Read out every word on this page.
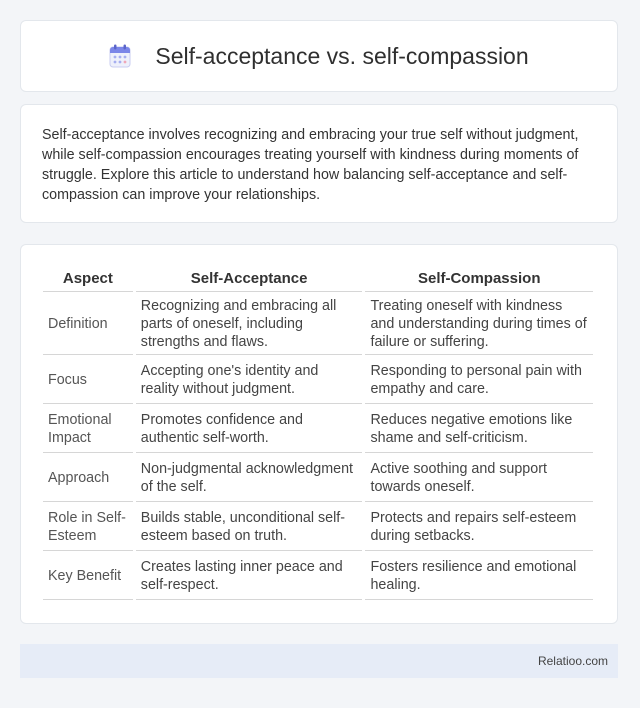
Self-acceptance vs. self-compassion

Self-acceptance involves recognizing and embracing your true self without judgment, while self-compassion encourages treating yourself with kindness during moments of struggle. Explore this article to understand how balancing self-acceptance and self-compassion can improve your relationships.

Aspect	Self-Acceptance	Self-Compassion
Definition	Recognizing and embracing all parts of oneself, including strengths and flaws.	Treating oneself with kindness and understanding during times of failure or suffering.
Focus	Accepting one's identity and reality without judgment.	Responding to personal pain with empathy and care.
Emotional Impact	Promotes confidence and authentic self-worth.	Reduces negative emotions like shame and self-criticism.
Approach	Non-judgmental acknowledgment of the self.	Active soothing and support towards oneself.
Role in Self-Esteem	Builds stable, unconditional self-esteem based on truth.	Protects and repairs self-esteem during setbacks.
Key Benefit	Creates lasting inner peace and self-respect.	Fosters resilience and emotional healing.
Relatioo.com
